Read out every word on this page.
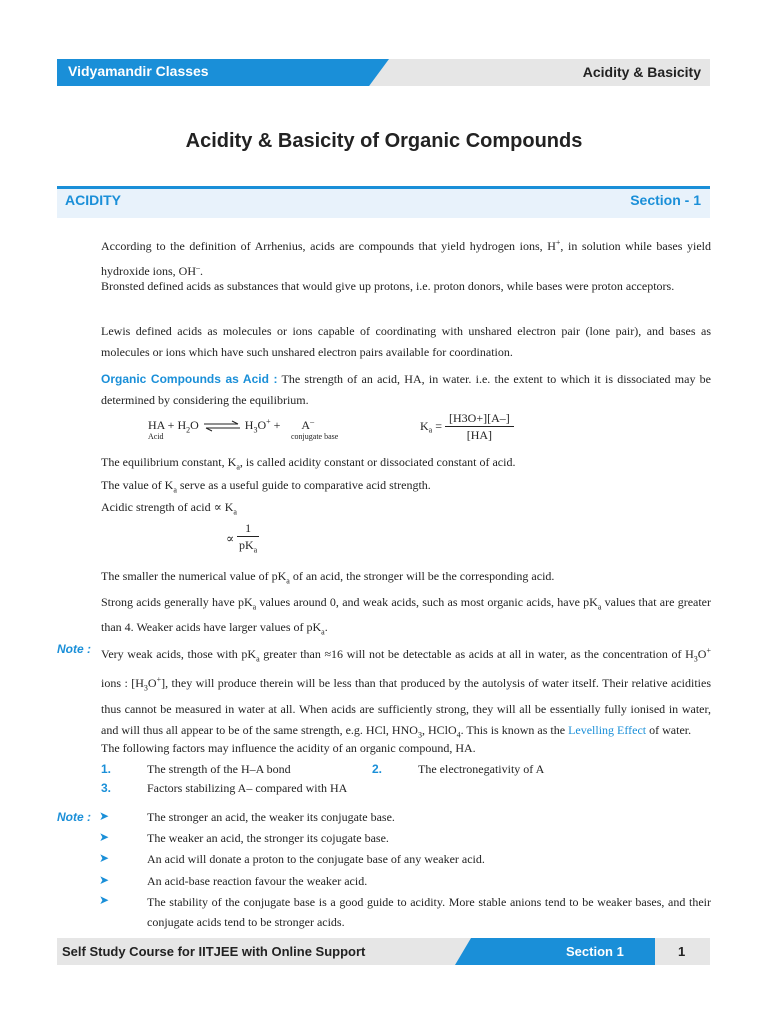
Vidyamandir Classes	Acidity & Basicity
Acidity & Basicity of Organic Compounds
ACIDITY	Section - 1
According to the definition of Arrhenius, acids are compounds that yield hydrogen ions, H+, in solution while bases yield hydroxide ions, OH–.
Bronsted defined acids as substances that would give up protons, i.e. proton donors, while bases were proton acceptors.
Lewis defined acids as molecules or ions capable of coordinating with unshared electron pair (lone pair), and bases as molecules or ions which have such unshared electron pairs available for coordination.
Organic Compounds as Acid : The strength of an acid, HA, in water. i.e. the extent to which it is dissociated may be determined by considering the equilibrium.
HA + $H_2O$ ⇌ $H_3O^+ + A^-$
Acid	conjugate base
$K_a = \frac{[H3O+][A-]}{[HA]}$
The equilibrium constant, $K_a$, is called acidity constant or dissociated constant of acid.
The value of $K_a$ serve as a useful guide to comparative acid strength.
Acidic strength of acid ∝ $K_a$
∝
1
$pK_a$
The smaller the numerical value of $pK_a$ of an acid, the stronger will be the corresponding acid.
Strong acids generally have $pK_a$ values around 0, and weak acids, such as most organic acids, have $pK_a$ values that are greater than 4. Weaker acids have larger values of $pK_a$.
Note : Very weak acids, those with $pK_a$ greater than ≈16 will not be detectable as acids at all in water, as the concentration of $H_3O^+$ ions : $[H_3O^+]$, they will produce therein will be less than that produced by the autolysis of water itself. Their relative acidities thus cannot be measured in water at all. When acids are sufficiently strong, they will all be essentially fully ionised in water, and will thus all appear to be of the same strength, e.g. HCl, $HNO_3$, HClO$_4$. This is known as the Levelling Effect of water.
The following factors may influence the acidity of an organic compound, HA.
1.	The strength of the H–A bond	2.	The electronegativity of A
3.	Factors stabilizing A– compared with HA
Note : ➤	The stronger an acid, the weaker its conjugate base.
➤	The weaker an acid, the stronger its cojugate base.
➤	An acid will donate a proton to the conjugate base of any weaker acid.
➤	An acid-base reaction favour the weaker acid.
➤	The stability of the conjugate base is a good guide to acidity. More stable anions tend to be weaker bases, and their conjugate acids tend to be stronger acids.
Self Study Course for IITJEE with Online Support	Section 1	1
